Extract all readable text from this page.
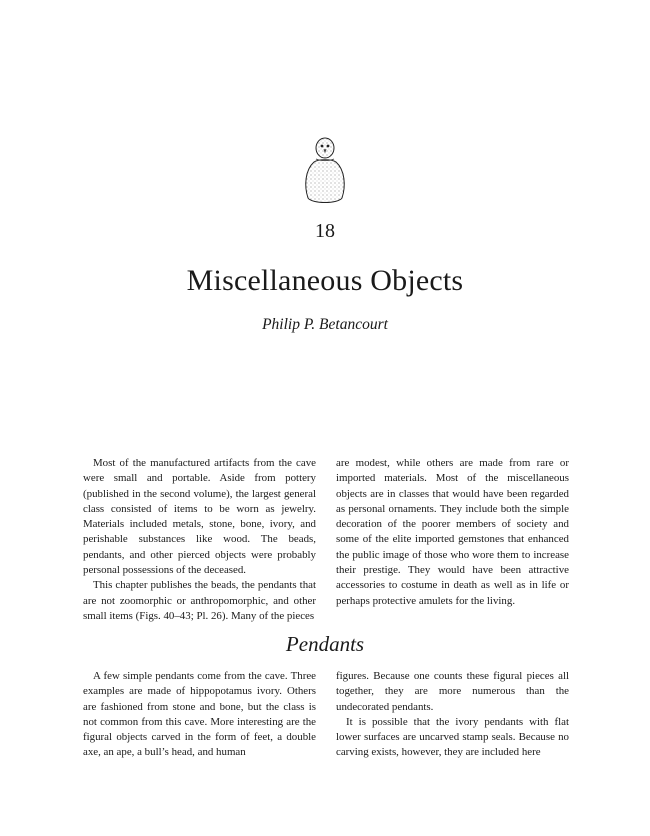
18
Miscellaneous Objects
Philip P. Betancourt

Most of the manufactured artifacts from the cave were small and portable. Aside from pottery (published in the second volume), the largest general class consisted of items to be worn as jewelry. Materials included metals, stone, bone, ivory, and perishable substances like wood. The beads, pendants, and other pierced objects were probably personal possessions of the deceased.

This chapter publishes the beads, the pendants that are not zoomorphic or anthropomorphic, and other small items (Figs. 40–43; Pl. 26). Many of the pieces

are modest, while others are made from rare or imported materials. Most of the miscellaneous objects are in classes that would have been regarded as personal ornaments. They include both the simple decoration of the poorer members of society and some of the elite imported gemstones that enhanced the public image of those who wore them to increase their prestige. They would have been attractive accessories to costume in death as well as in life or perhaps protective amulets for the living.

Pendants

A few simple pendants come from the cave. Three examples are made of hippopotamus ivory. Others are fashioned from stone and bone, but the class is not common from this cave. More interesting are the figural objects carved in the form of feet, a double axe, an ape, a bull’s head, and human

figures. Because one counts these figural pieces all together, they are more numerous than the undecorated pendants.

It is possible that the ivory pendants with flat lower surfaces are uncarved stamp seals. Because no carving exists, however, they are included here
